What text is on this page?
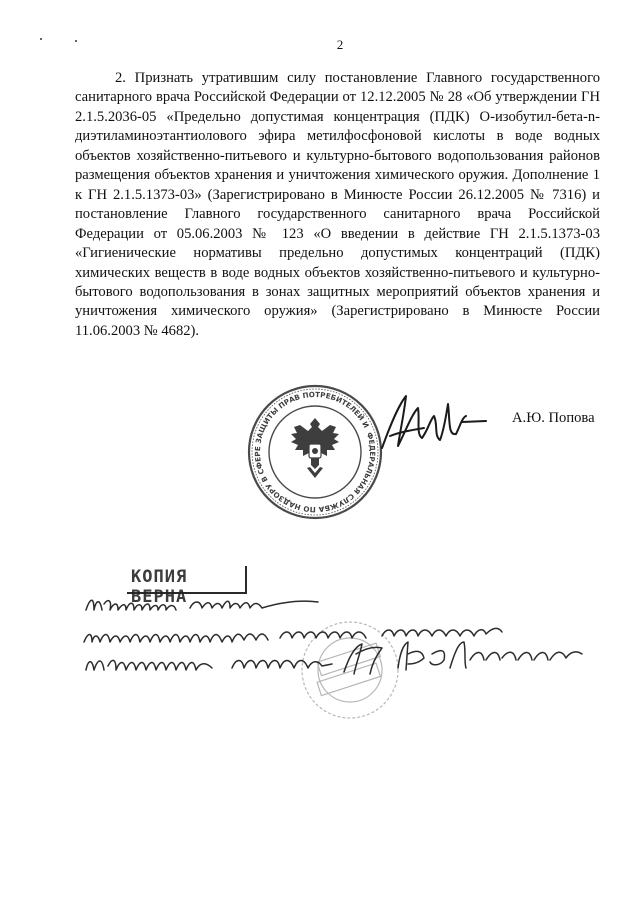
2

2. Признать утратившим силу постановление Главного государственного санитарного врача Российской Федерации от 12.12.2005 № 28 «Об утверждении ГН 2.1.5.2036-05 «Предельно допустимая концентрация (ПДК) О-изобутил-бета-n-диэтиламиноэтантиолового эфира метилфосфоновой кислоты в воде водных объектов хозяйственно-питьевого и культурно-бытового водопользования районов размещения объектов хранения и уничтожения химического оружия. Дополнение 1 к ГН 2.1.5.1373-03» (Зарегистрировано в Минюсте России 26.12.2005 № 7316) и постановление Главного государственного санитарного врача Российской Федерации от 05.06.2003 № 123 «О введении в действие ГН 2.1.5.1373-03 «Гигиенические нормативы предельно допустимых концентраций (ПДК) химических веществ в воде водных объектов хозяйственно-питьевого и культурно-бытового водопользования в зонах защитных мероприятий объектов хранения и уничтожения химического оружия» (Зарегистрировано в Минюсте России 11.06.2003 № 4682).

ФЕДЕРАЛЬНАЯ СЛУЖБА ПО НАДЗОРУ В СФЕРЕ ЗАЩИТЫ ПРАВ ПОТРЕБИТЕЛЕЙ И	А.Ю. Попова
КОПИЯ ВЕРНА
